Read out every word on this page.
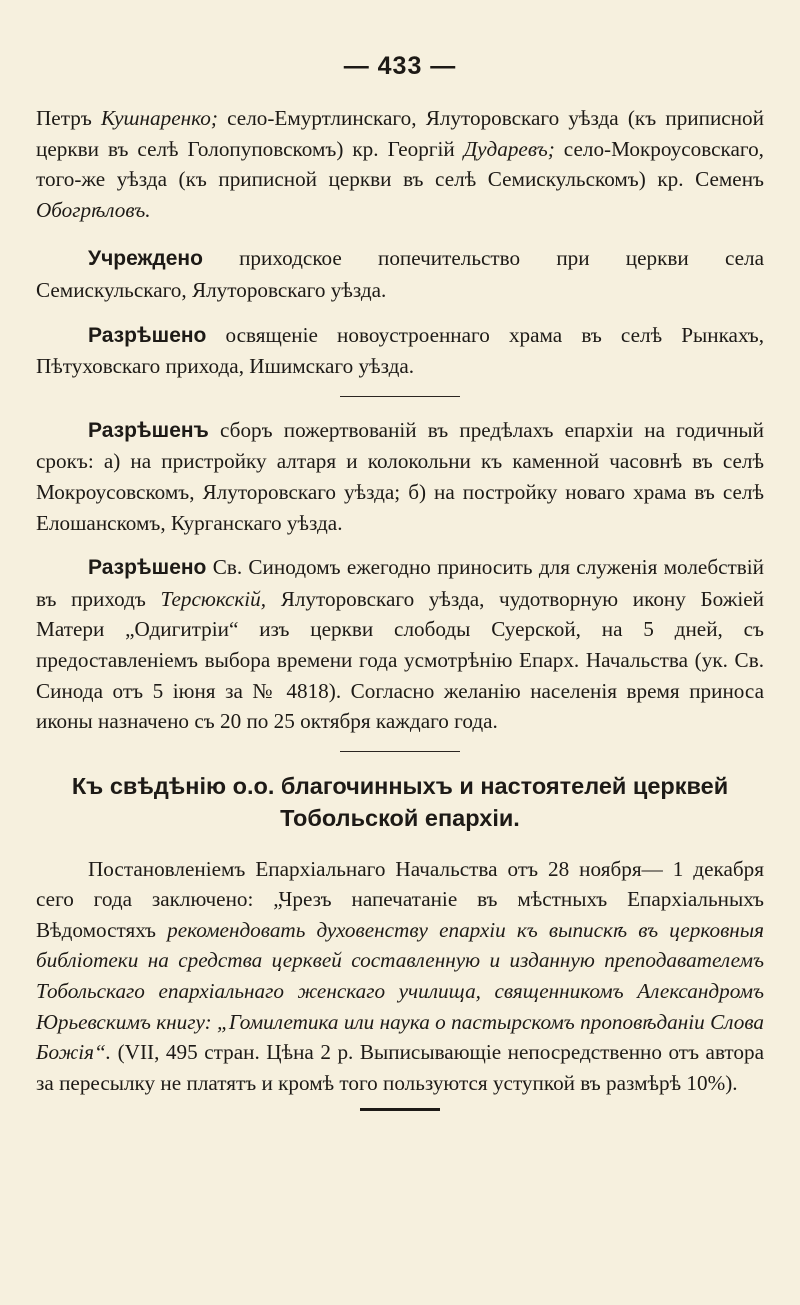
— 433 —

Петръ Кушнаренко; село-Емуртлинскаго, Ялуторовскаго уѣзда (къ приписной церкви въ селѣ Голопуповскомъ) кр. Георгій Дударевъ; село-Мокроусовскаго, того-же уѣзда (къ приписной церкви въ селѣ Семискульскомъ) кр. Семенъ Обогрѣловъ.

Учреждено приходское попечительство при церкви села Семискульскаго, Ялуторовскаго уѣзда.

Разрѣшено освященіе новоустроеннаго храма въ селѣ Рынкахъ, Пѣтуховскаго прихода, Ишимскаго уѣзда.

Разрѣшенъ сборъ пожертвованій въ предѣлахъ епархіи на годичный срокъ: а) на пристройку алтаря и колокольни къ каменной часовнѣ въ селѣ Мокроусовскомъ, Ялуторовскаго уѣзда; б) на постройку новаго храма въ селѣ Елошанскомъ, Курганскаго уѣзда.

Разрѣшено Св. Синодомъ ежегодно приносить для служенія молебствій въ приходъ Терсюкскій, Ялуторовскаго уѣзда, чудотворную икону Божіей Матери „Одигитріи“ изъ церкви слободы Суерской, на 5 дней, съ предоставленіемъ выбора времени года усмотрѣнію Епарх. Начальства (ук. Св. Синода отъ 5 іюня за № 4818). Согласно желанію населенія время приноса иконы назначено съ 20 по 25 октября каждаго года.

Къ свѣдѣнію о.о. благочинныхъ и настоятелей церквей Тобольской епархіи.

Постановленіемъ Епархіальнаго Начальства отъ 28 ноября— 1 декабря сего года заключено: „Чрезъ напечатаніе въ мѣстныхъ Епархіальныхъ Вѣдомостяхъ рекомендовать духовенству епархіи къ выпискѣ въ церковныя библіотеки на средства церквей составленную и изданную преподавателемъ Тобольскаго епархіальнаго женскаго училища, священникомъ Александромъ Юрьевскимъ книгу: „Гомилетика или наука о пастырскомъ проповѣданіи Слова Божія“. (VII, 495 стран. Цѣна 2 р. Выписывающіе непосредственно отъ автора за пересылку не платятъ и кромѣ того пользуются уступкой въ размѣрѣ 10%).
